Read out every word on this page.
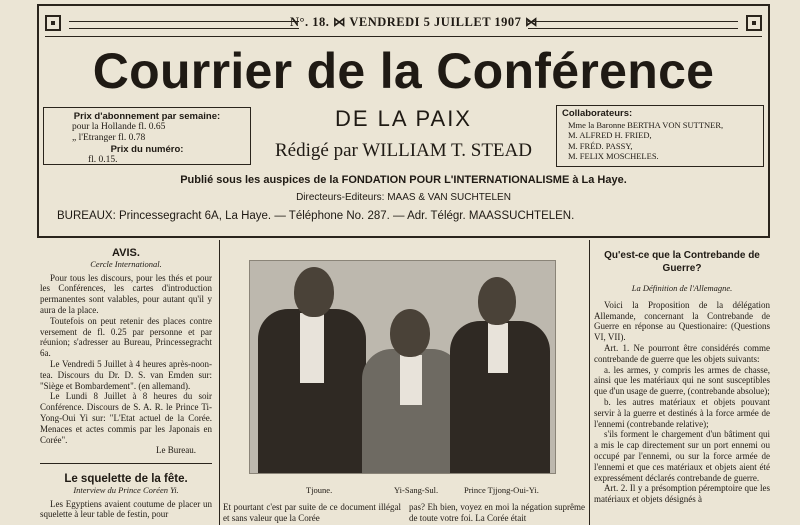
N°. 18. ⋈ VENDREDI 5 JUILLET 1907 ⋈
Courrier de la Conférence
DE LA PAIX
Rédigé par WILLIAM T. STEAD
Prix d'abonnement par semaine:
pour la Hollande fl. 0.65
„ l'Etranger fl. 0.78
Prix du numéro:
fl. 0.15.
Collaborateurs:
Mme la Baronne BERTHA VON SUTTNER,
M. ALFRED H. FRIED,
M. FRÉD. PASSY,
M. FELIX MOSCHELES.
Publié sous les auspices de la FONDATION POUR L'INTERNATIONALISME à La Haye.
Directeurs-Editeurs: MAAS & VAN SUCHTELEN
BUREAUX: Princessegracht 6A, La Haye. — Téléphone No. 287. — Adr. Télégr. MAASSUCHTELEN.
AVIS.
Cercle International.

Pour tous les discours, pour les thés et pour les Conférences, les cartes d'introduction permanentes sont valables, pour autant qu'il y aura de la place.

Toutefois on peut retenir des places contre versement de fl. 0.25 par personne et par réunion; s'adresser au Bureau, Princessegracht 6a.

Le Vendredi 5 Juillet à 4 heures après-noon-tea. Discours du Dr. D. S. van Emden sur: "Siège et Bombardement". (en allemand).

Le Lundi 8 Juillet à 8 heures du soir Conférence. Discours de S. A. R. le Prince Ti-Yong-Oui Yi sur: "L'Etat actuel de la Corée. Menaces et actes commis par les Japonais en Corée".

Le Bureau.
Le squelette de la fête.
Interview du Prince Coréen Yi.

Les Egyptiens avaient coutume de placer un squelette à leur table de festin, pour

Tjoune.	Yi-Sang-Sul.	Prince Tjjong-Oui-Yi.
Et pourtant c'est par suite de ce document illégal et sans valeur que la Corée
pas? Eh bien, voyez en moi la négation suprême de toute votre foi. La Corée était
Qu'est-ce que la Contrebande de Guerre?
La Définition de l'Allemagne.

Voici la Proposition de la délégation Allemande, concernant la Contrebande de Guerre en réponse au Questionaire: (Questions VI, VII).

Art. 1. Ne pourront être considérés comme contrebande de guerre que les objets suivants:

a. les armes, y compris les armes de chasse, ainsi que les matériaux qui ne sont susceptibles que d'un usage de guerre, (contrebande absolue);

b. les autres matériaux et objets pouvant servir à la guerre et destinés à la force armée de l'ennemi (contrebande relative);

s'ils forment le chargement d'un bâtiment qui a mis le cap directement sur un port ennemi ou occupé par l'ennemi, ou sur la force armée de l'ennemi et que ces matériaux et objets aient été expressément déclarés contrebande de guerre.

Art. 2. Il y a présomption péremptoire que les matériaux et objets désignés à
